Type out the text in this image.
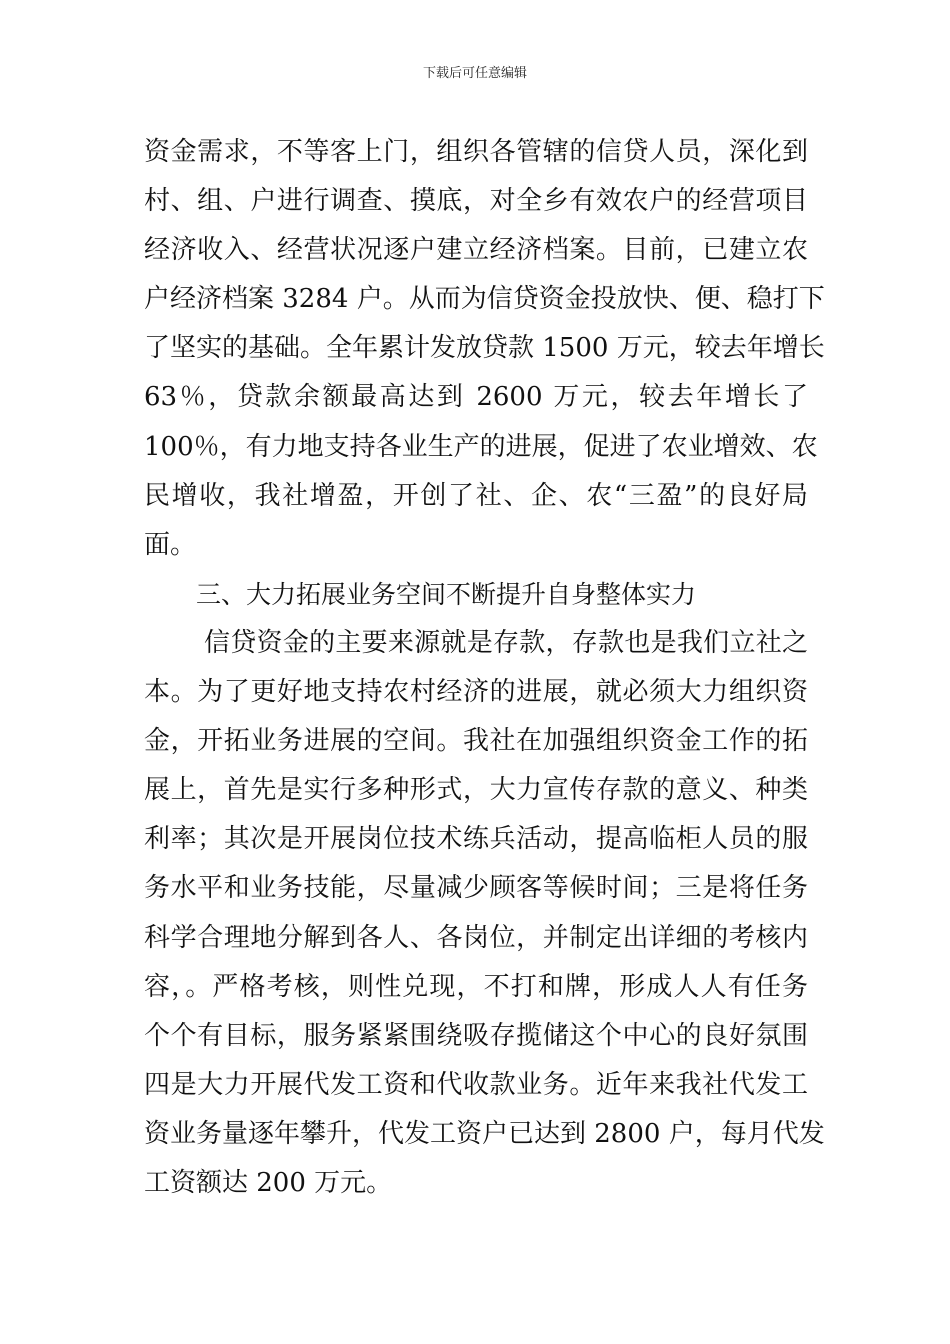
下载后可任意编辑
资金需求，不等客上门，组织各管辖的信贷人员，深化到
村、组、户进行调查、摸底，对全乡有效农户的经营项目
经济收入、经营状况逐户建立经济档案。目前，已建立农
户经济档案 3284 户。从而为信贷资金投放快、便、稳打下
了坚实的基础。全年累计发放贷款 1500 万元，较去年增长
63％，贷款余额最高达到 2600 万元，较去年增长了
100％，有力地支持各业生产的进展，促进了农业增效、农
民增收，我社增盈，开创了社、企、农“三盈”的良好局
面。
三、大力拓展业务空间不断提升自身整体实力
信贷资金的主要来源就是存款，存款也是我们立社之
本。为了更好地支持农村经济的进展，就必须大力组织资
金，开拓业务进展的空间。我社在加强组织资金工作的拓
展上，首先是实行多种形式，大力宣传存款的意义、种类
利率；其次是开展岗位技术练兵活动，提高临柜人员的服
务水平和业务技能，尽量减少顾客等候时间；三是将任务
科学合理地分解到各人、各岗位，并制定出详细的考核内
容，。严格考核，则性兑现，不打和牌，形成人人有任务
个个有目标，服务紧紧围绕吸存揽储这个中心的良好氛围
四是大力开展代发工资和代收款业务。近年来我社代发工
资业务量逐年攀升，代发工资户已达到 2800 户，每月代发
工资额达 200 万元。
